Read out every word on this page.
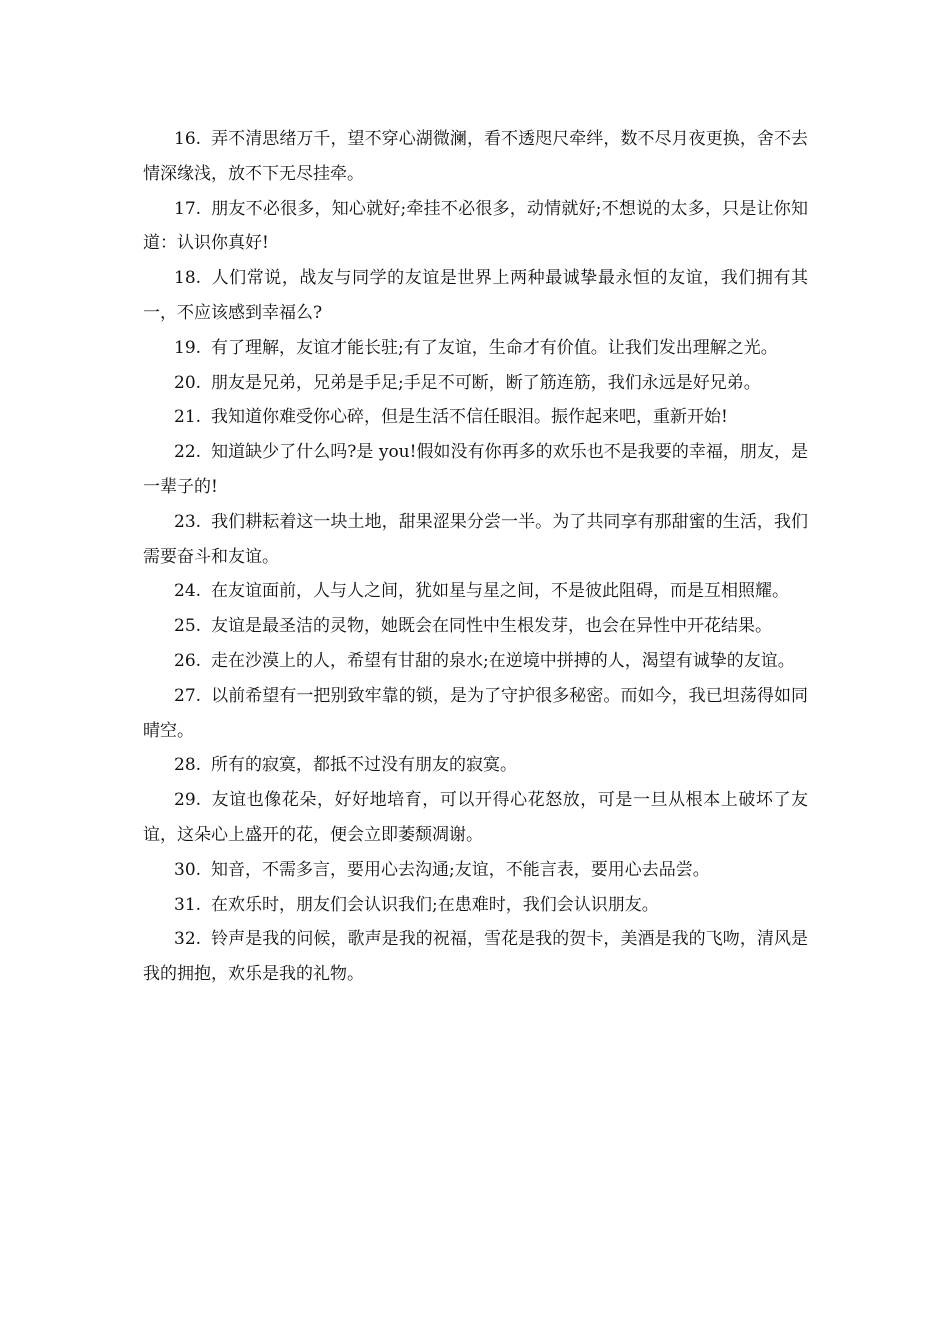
16. 弄不清思绪万千，望不穿心湖微澜，看不透咫尺牵绊，数不尽月夜更换，舍不去情深缘浅，放不下无尽挂牵。

17. 朋友不必很多，知心就好;牵挂不必很多，动情就好;不想说的太多，只是让你知道：认识你真好!

18. 人们常说，战友与同学的友谊是世界上两种最诚挚最永恒的友谊，我们拥有其一，不应该感到幸福么?

19. 有了理解，友谊才能长驻;有了友谊，生命才有价值。让我们发出理解之光。

20. 朋友是兄弟，兄弟是手足;手足不可断，断了筋连筋，我们永远是好兄弟。

21. 我知道你难受你心碎，但是生活不信任眼泪。振作起来吧，重新开始!

22. 知道缺少了什么吗?是 you!假如没有你再多的欢乐也不是我要的幸福，朋友，是一辈子的!

23. 我们耕耘着这一块土地，甜果涩果分尝一半。为了共同享有那甜蜜的生活，我们需要奋斗和友谊。

24. 在友谊面前，人与人之间，犹如星与星之间，不是彼此阻碍，而是互相照耀。

25. 友谊是最圣洁的灵物，她既会在同性中生根发芽，也会在异性中开花结果。

26. 走在沙漠上的人，希望有甘甜的泉水;在逆境中拼搏的人，渴望有诚挚的友谊。

27. 以前希望有一把别致牢靠的锁，是为了守护很多秘密。而如今，我已坦荡得如同晴空。

28. 所有的寂寞，都抵不过没有朋友的寂寞。

29. 友谊也像花朵，好好地培育，可以开得心花怒放，可是一旦从根本上破坏了友谊，这朵心上盛开的花，便会立即萎颓凋谢。

30. 知音，不需多言，要用心去沟通;友谊，不能言表，要用心去品尝。

31. 在欢乐时，朋友们会认识我们;在患难时，我们会认识朋友。

32. 铃声是我的问候，歌声是我的祝福，雪花是我的贺卡，美酒是我的飞吻，清风是我的拥抱，欢乐是我的礼物。
